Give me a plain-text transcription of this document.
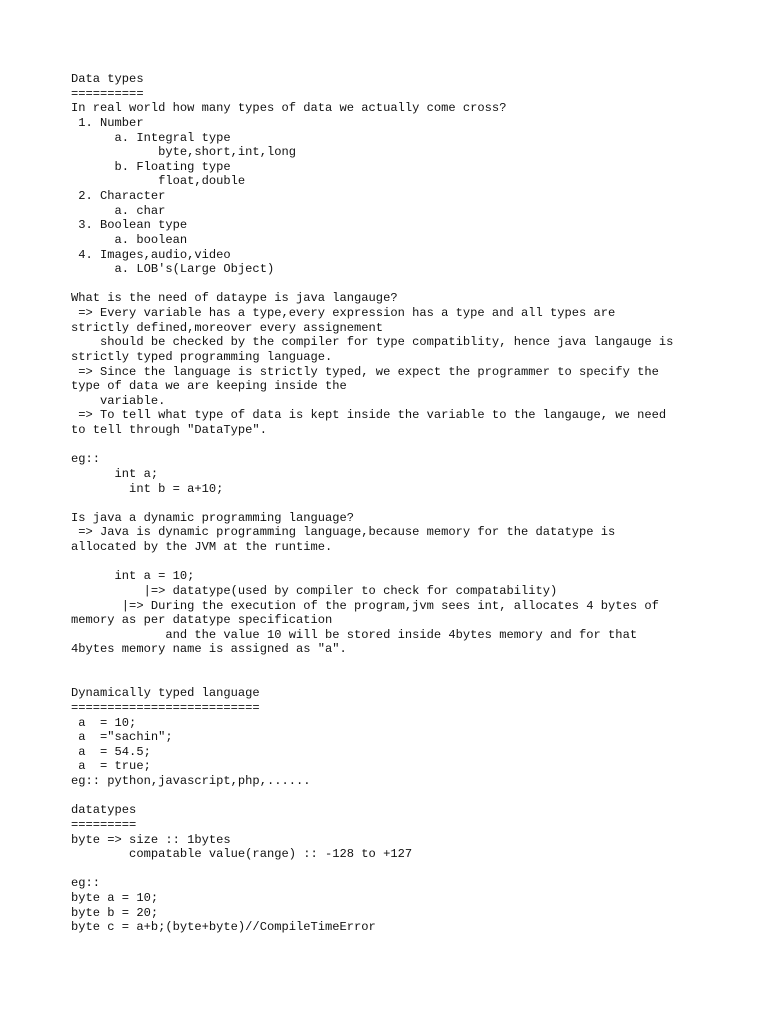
Data types
==========
In real world how many types of data we actually come cross?
1. Number
a. Integral type
byte,short,int,long
b. Floating type
float,double
2. Character
a. char
3. Boolean type
a. boolean
4. Images,audio,video
a. LOB's(Large Object)
What is the need of dataype is java langauge?
=> Every variable has a type,every expression has a type and all types are
strictly defined,moreover every assignement
should be checked by the compiler for type compatiblity, hence java langauge is
strictly typed programming language.
=> Since the language is strictly typed, we expect the programmer to specify the
type of data we are keeping inside the
variable.
=> To tell what type of data is kept inside the variable to the langauge, we need
to tell through "DataType".
eg::
int a;
int b = a+10;
Is java a dynamic programming language?
=> Java is dynamic programming language,because memory for the datatype is
allocated by the JVM at the runtime.
int a = 10;
|=> datatype(used by compiler to check for compatability)
|=> During the execution of the program,jvm sees int, allocates 4 bytes of
memory as per datatype specification
and the value 10 will be stored inside 4bytes memory and for that
4bytes memory name is assigned as "a".
Dynamically typed language
==========================
a  = 10;
a  ="sachin";
a  = 54.5;
a  = true;
eg:: python,javascript,php,......
datatypes
=========
byte => size :: 1bytes
compatable value(range) :: -128 to +127
eg::
byte a = 10;
byte b = 20;
byte c = a+b;(byte+byte)//CompileTimeError
